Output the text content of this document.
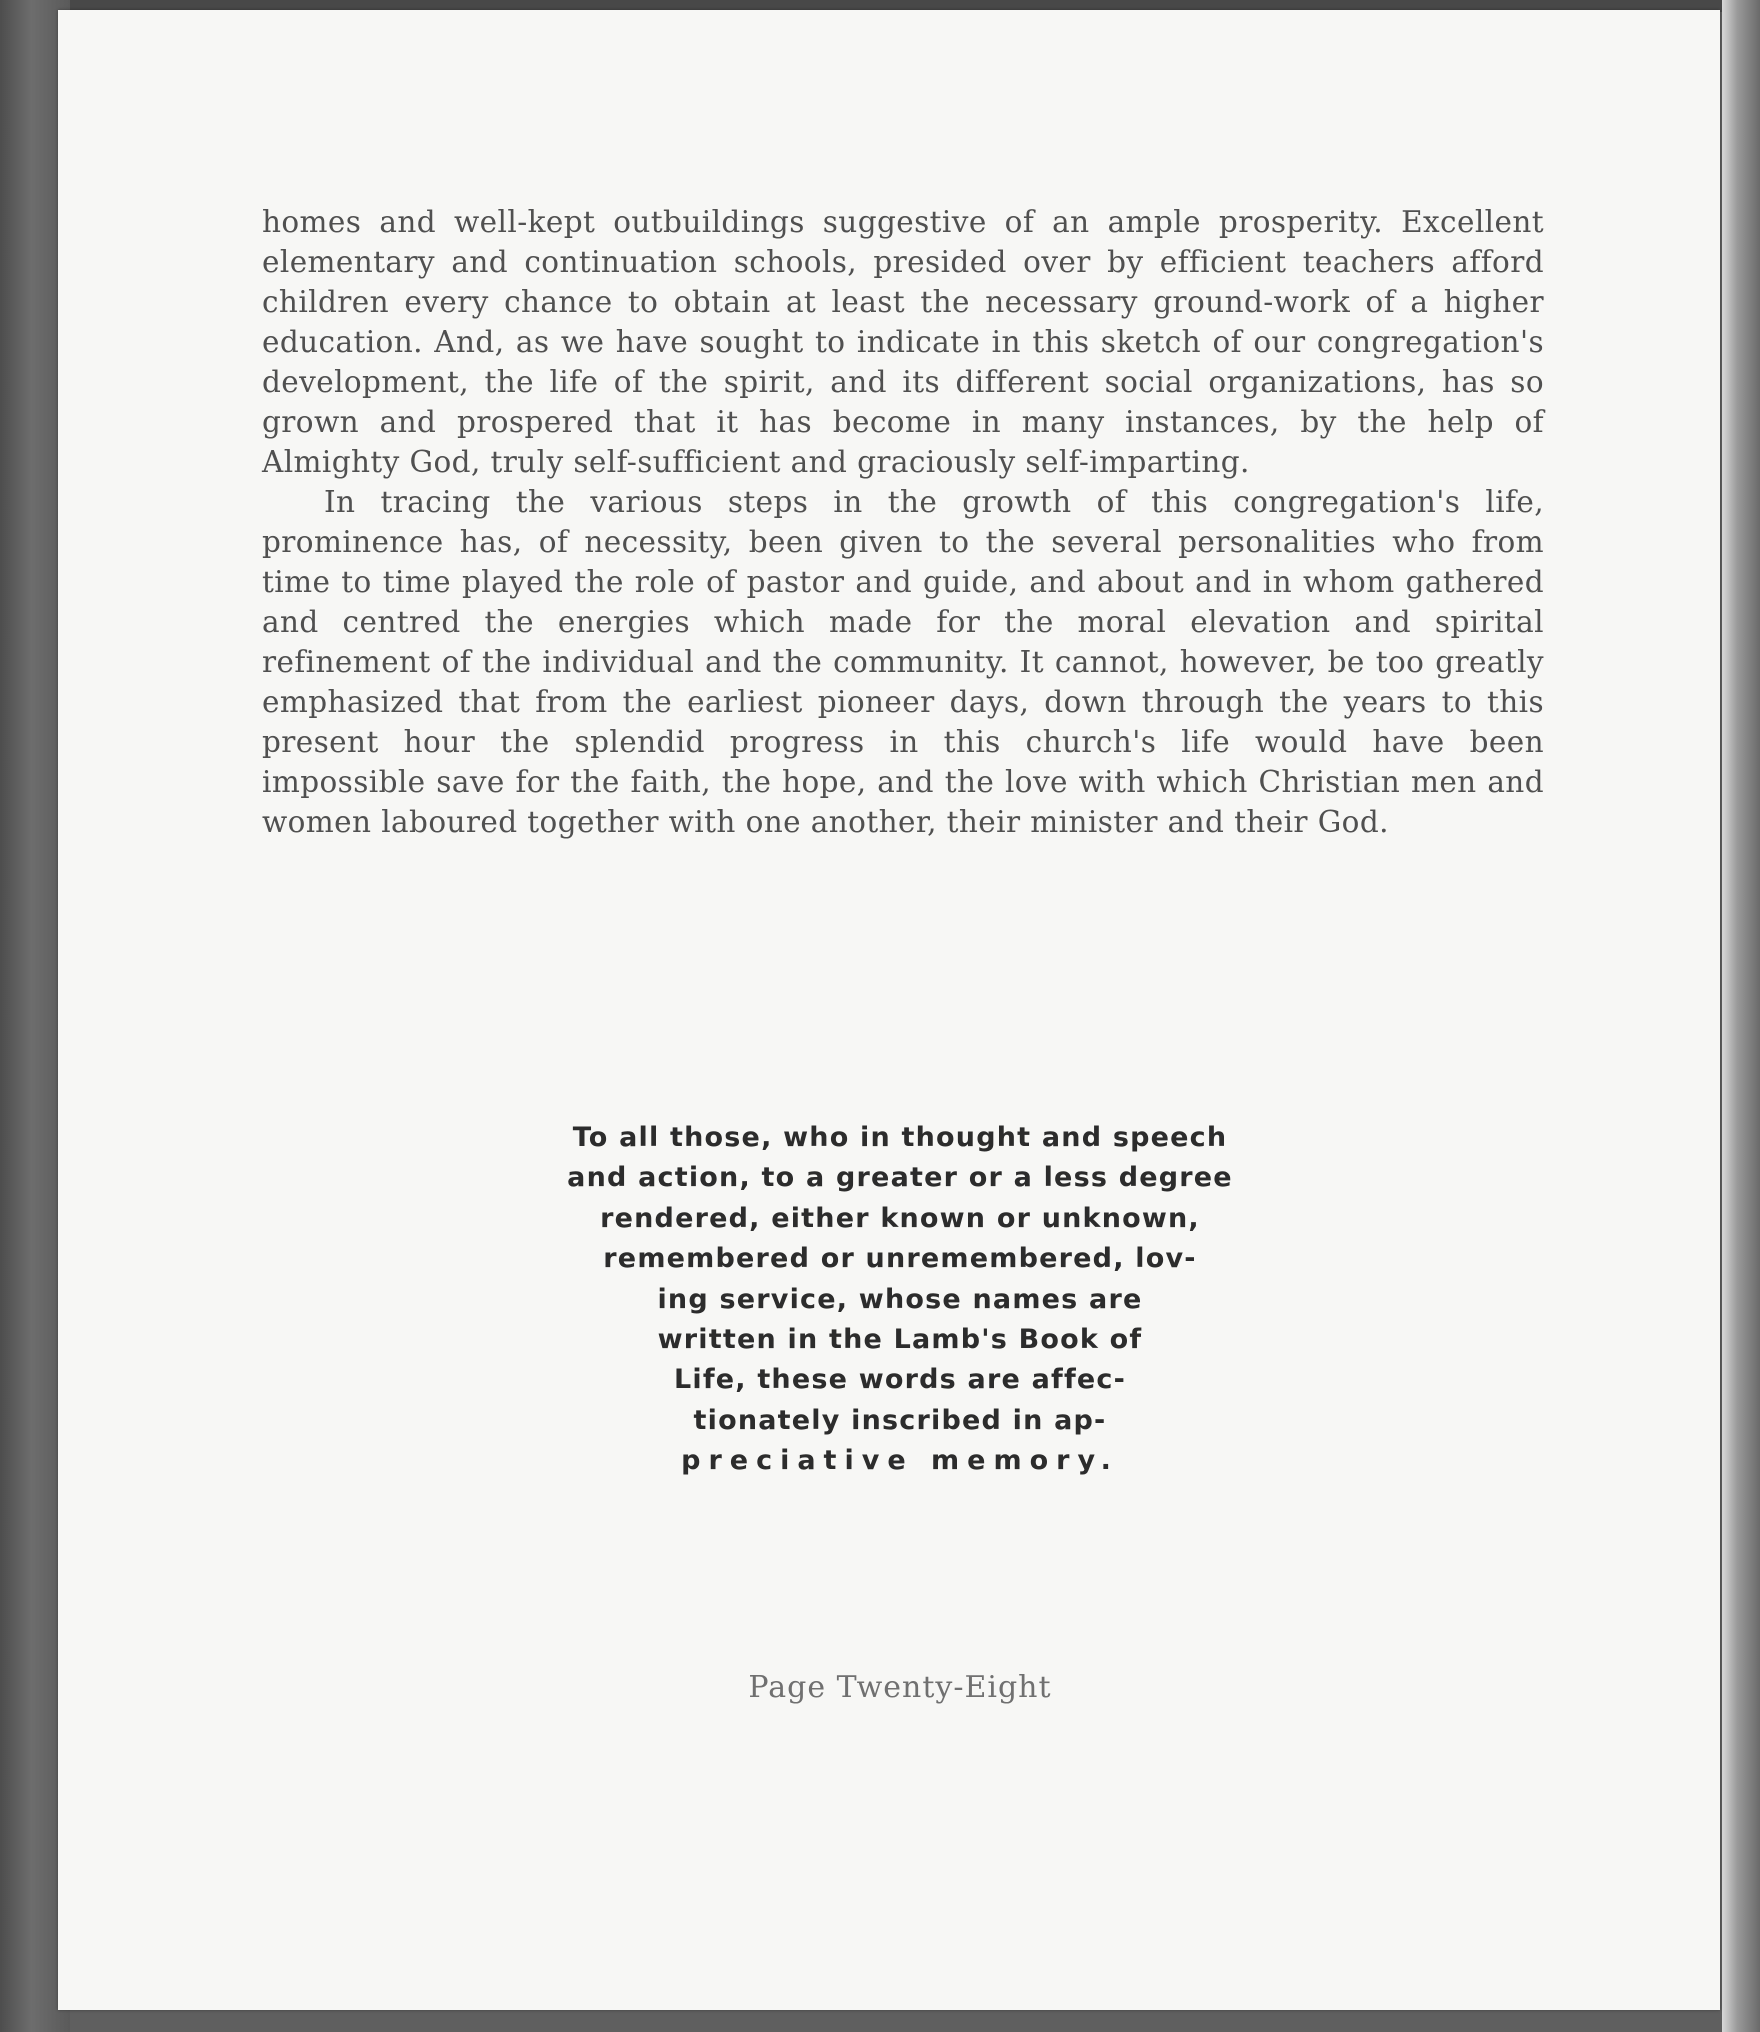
homes and well-kept outbuildings suggestive of an ample prosperity. Excellent elementary and continuation schools, presided over by efficient teachers afford children every chance to obtain at least the necessary ground-work of a higher education. And, as we have sought to indicate in this sketch of our congregation's development, the life of the spirit, and its different social organizations, has so grown and prospered that it has become in many instances, by the help of Almighty God, truly self-sufficient and graciously self-imparting.

In tracing the various steps in the growth of this congregation's life, prominence has, of necessity, been given to the several personalities who from time to time played the role of pastor and guide, and about and in whom gathered and centred the energies which made for the moral elevation and spirital refinement of the individual and the community. It cannot, however, be too greatly emphasized that from the earliest pioneer days, down through the years to this present hour the splendid progress in this church's life would have been impossible save for the faith, the hope, and the love with which Christian men and women laboured together with one another, their minister and their God.

To all those, who in thought and speech
and action, to a greater or a less degree
rendered, either known or unknown,
remembered or unremembered, lov-
ing service, whose names are
written in the Lamb's Book of
Life, these words are affec-
tionately inscribed in ap-
preciative memory.
Page Twenty-Eight
